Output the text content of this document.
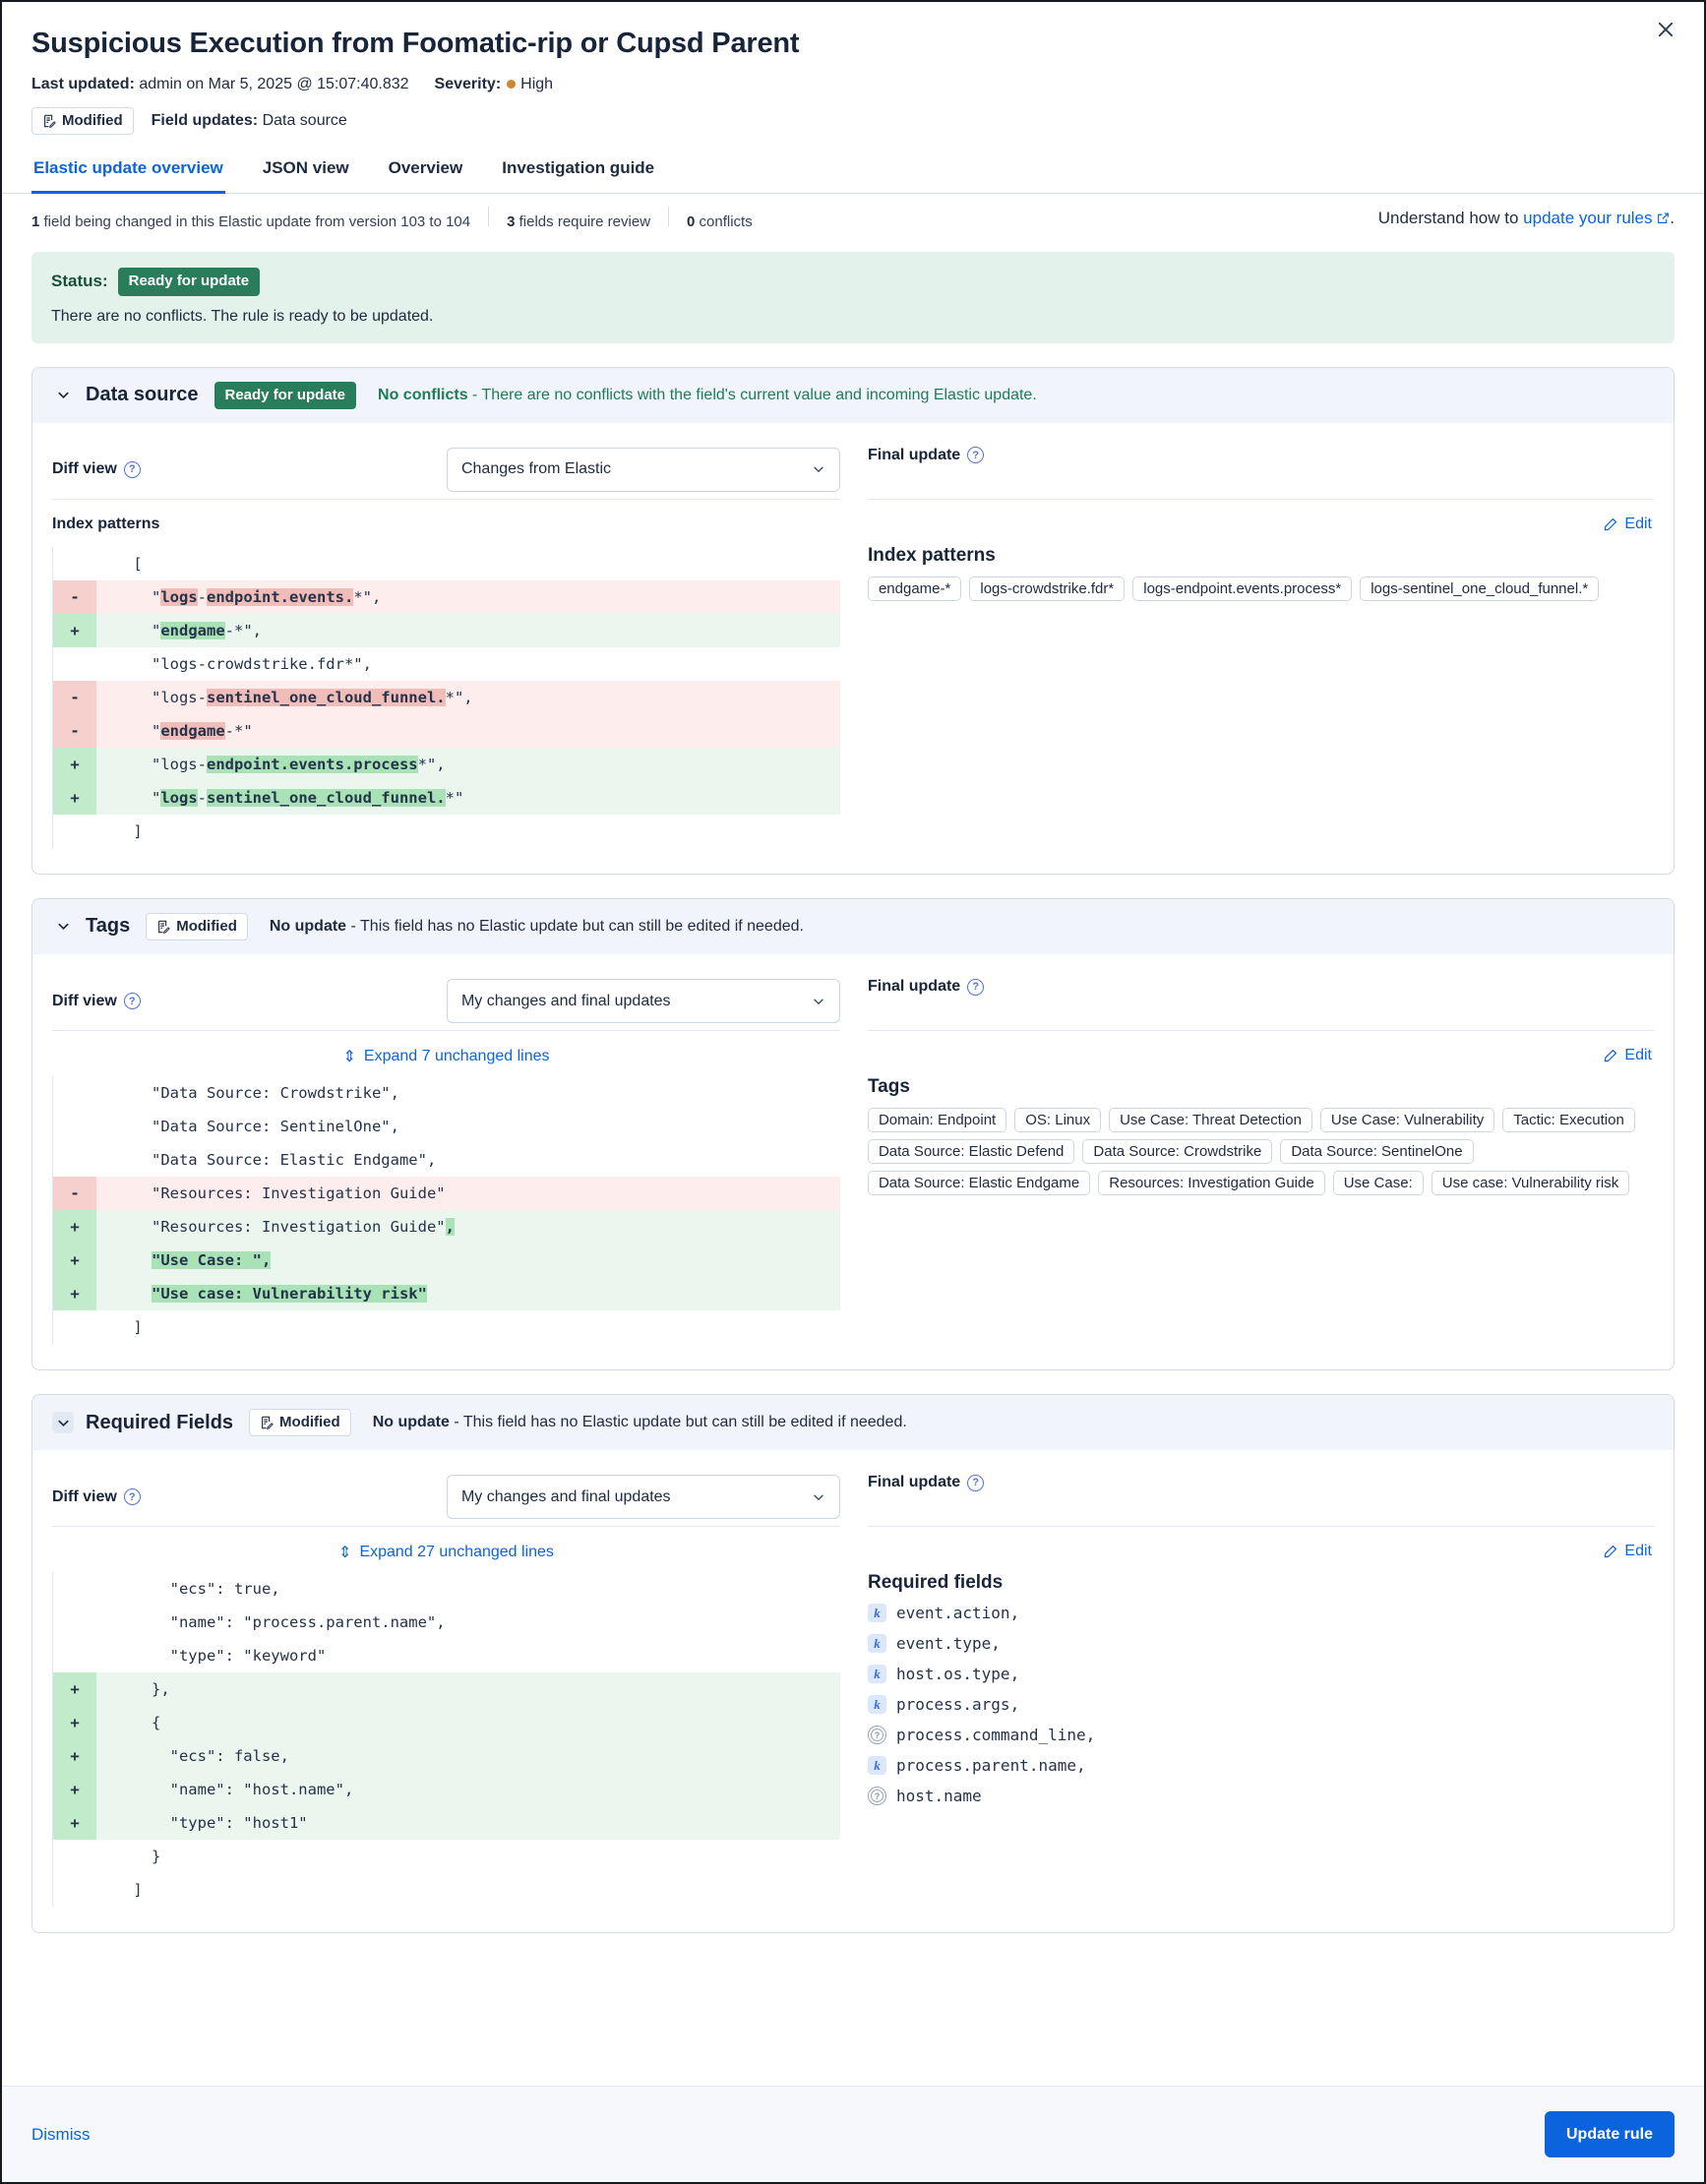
Suspicious Execution from Foomatic-rip or Cupsd Parent
Last updated: admin on Mar 5, 2025 @ 15:07:40.832 Severity: High
Modified Field updates: Data source
Elastic update overview JSON view Overview Investigation guide
1 field being changed in this Elastic update from version 103 to 104 3 fields require review 0 conflicts	Understand how to update your rules .
Status:	Ready for update
There are no conflicts. The rule is ready to be updated.
Data source	Ready for update	No conflicts - There are no conflicts with the field's current value and incoming Elastic update.
Diff view	?	Changes from Elastic
Index patterns
[
-	"logs-endpoint.events.*",
+	"endgame-*",
"logs-crowdstrike.fdr*",
-	"logs-sentinel_one_cloud_funnel.*",
-	"endgame-*"
+	"logs-endpoint.events.process*",
+	"logs-sentinel_one_cloud_funnel.*"
]
Final update	?
Edit
Index patterns
endgame-*	logs-crowdstrike.fdr*	logs-endpoint.events.process*	logs-sentinel_one_cloud_funnel.*
Tags	Modified No update - This field has no Elastic update but can still be edited if needed.
Diff view	?	My changes and final updates
⇕ Expand 7 unchanged lines
"Data Source: Crowdstrike",
"Data Source: SentinelOne",
"Data Source: Elastic Endgame",
-	"Resources: Investigation Guide"
+	"Resources: Investigation Guide",
+	"Use Case: ",
+	"Use case: Vulnerability risk"
]
Final update	?
Edit
Tags
Domain: Endpoint	OS: Linux	Use Case: Threat Detection	Use Case: Vulnerability	Tactic: Execution
Data Source: Elastic Defend	Data Source: Crowdstrike	Data Source: SentinelOne
Data Source: Elastic Endgame	Resources: Investigation Guide	Use Case:	Use case: Vulnerability risk
Required Fields	Modified No update - This field has no Elastic update but can still be edited if needed.
Diff view	?	My changes and final updates
⇕ Expand 27 unchanged lines
"ecs": true,
"name": "process.parent.name",
"type": "keyword"
+	},
+	{
+	"ecs": false,
+	"name": "host.name",
+	"type": "host1"
}
]
Final update	?
Edit
Required fields
k	event.action,
k	event.type,
k	host.os.type,
k	process.args,
? process.command_line,
k	process.parent.name,
? host.name
Dismiss	Update rule
